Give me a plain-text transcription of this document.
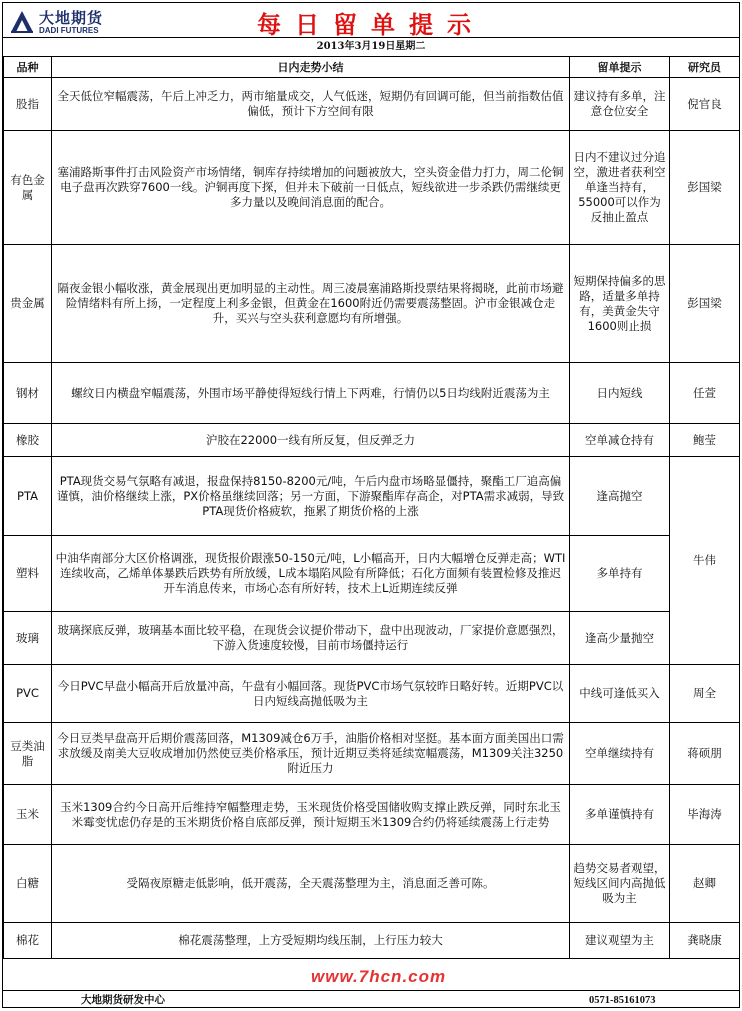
大地期货
DADI FUTURES	每日留单提示
2013年3月19日星期二
品种	日内走势小结	留单提示	研究员
股指	全天低位窄幅震荡，午后上冲乏力，两市缩量成交，人气低迷，短期仍有回调可能，但当前指数估值偏低，预计下方空间有限	建议持有多单，注意仓位安全	倪官良
有色金属	塞浦路斯事件打击风险资产市场情绪，铜库存持续增加的问题被放大，空头资金借力打力，周二伦铜电子盘再次跌穿7600一线。沪铜再度下探，但并未下破前一日低点，短线欲进一步杀跌仍需继续更多力量以及晚间消息面的配合。	日内不建议过分追空，激进者获利空单逢当持有，55000可以作为反抽止盈点	彭国梁
贵金属	隔夜金银小幅收涨，黄金展现出更加明显的主动性。周三凌晨塞浦路斯投票结果将揭晓，此前市场避险情绪料有所上扬，一定程度上利多金银，但黄金在1600附近仍需要震荡整固。沪市金银减仓走升，买兴与空头获利意愿均有所增强。	短期保持偏多的思路，适量多单持有，美黄金失守1600则止损	彭国梁
钢材	螺纹日内横盘窄幅震荡，外围市场平静使得短线行情上下两难，行情仍以5日均线附近震荡为主	日内短线	任萱
橡胶	沪胶在22000一线有所反复，但反弹乏力	空单减仓持有	鲍莹
PTA	PTA现货交易气氛略有减退，报盘保持8150-8200元/吨，午后内盘市场略显僵持，聚酯工厂追高偏谨慎，油价格继续上涨，PX价格虽继续回落；另一方面，下游聚酯库存高企，对PTA需求减弱，导致PTA现货价格疲软，拖累了期货价格的上涨	逢高抛空	牛伟
塑料	中油华南部分大区价格调涨，现货报价跟涨50-150元/吨，L小幅高开，日内大幅增仓反弹走高；WTI连续收高，乙烯单体暴跌后跌势有所放缓，L成本塌陷风险有所降低；石化方面频有装置检修及推迟开车消息传来，市场心态有所好转，技术上L近期连续反弹	多单持有	
玻璃	玻璃探底反弹，玻璃基本面比较平稳，在现货会议提价带动下，盘中出现波动，厂家提价意愿强烈，下游入货速度较慢，目前市场僵持运行	逢高少量抛空	
PVC	今日PVC早盘小幅高开后放量冲高，午盘有小幅回落。现货PVC市场气氛较昨日略好转。近期PVC以日内短线高抛低吸为主	中线可逢低买入	周全
豆类油脂	今日豆类早盘高开后期价震荡回落，M1309减仓6万手，油脂价格相对坚挺。基本面方面美国出口需求放缓及南美大豆收成增加仍然使豆类价格承压，预计近期豆类将延续宽幅震荡，M1309关注3250附近压力	空单继续持有	蒋硕朋
玉米	玉米1309合约今日高开后维持窄幅整理走势，玉米现货价格受国储收购支撑止跌反弹，同时东北玉米霉变忧虑仍存是的玉米期货价格自底部反弹，预计短期玉米1309合约仍将延续震荡上行走势	多单谨慎持有	毕海涛
白糖	受隔夜原糖走低影响，低开震荡，全天震荡整理为主，消息面乏善可陈。	趋势交易者观望，短线区间内高抛低吸为主	赵卿
棉花	棉花震荡整理，上方受短期均线压制，上行压力较大	建议观望为主	龚晓康
www.7hcn.com
大地期货研发中心	0571-85161073
